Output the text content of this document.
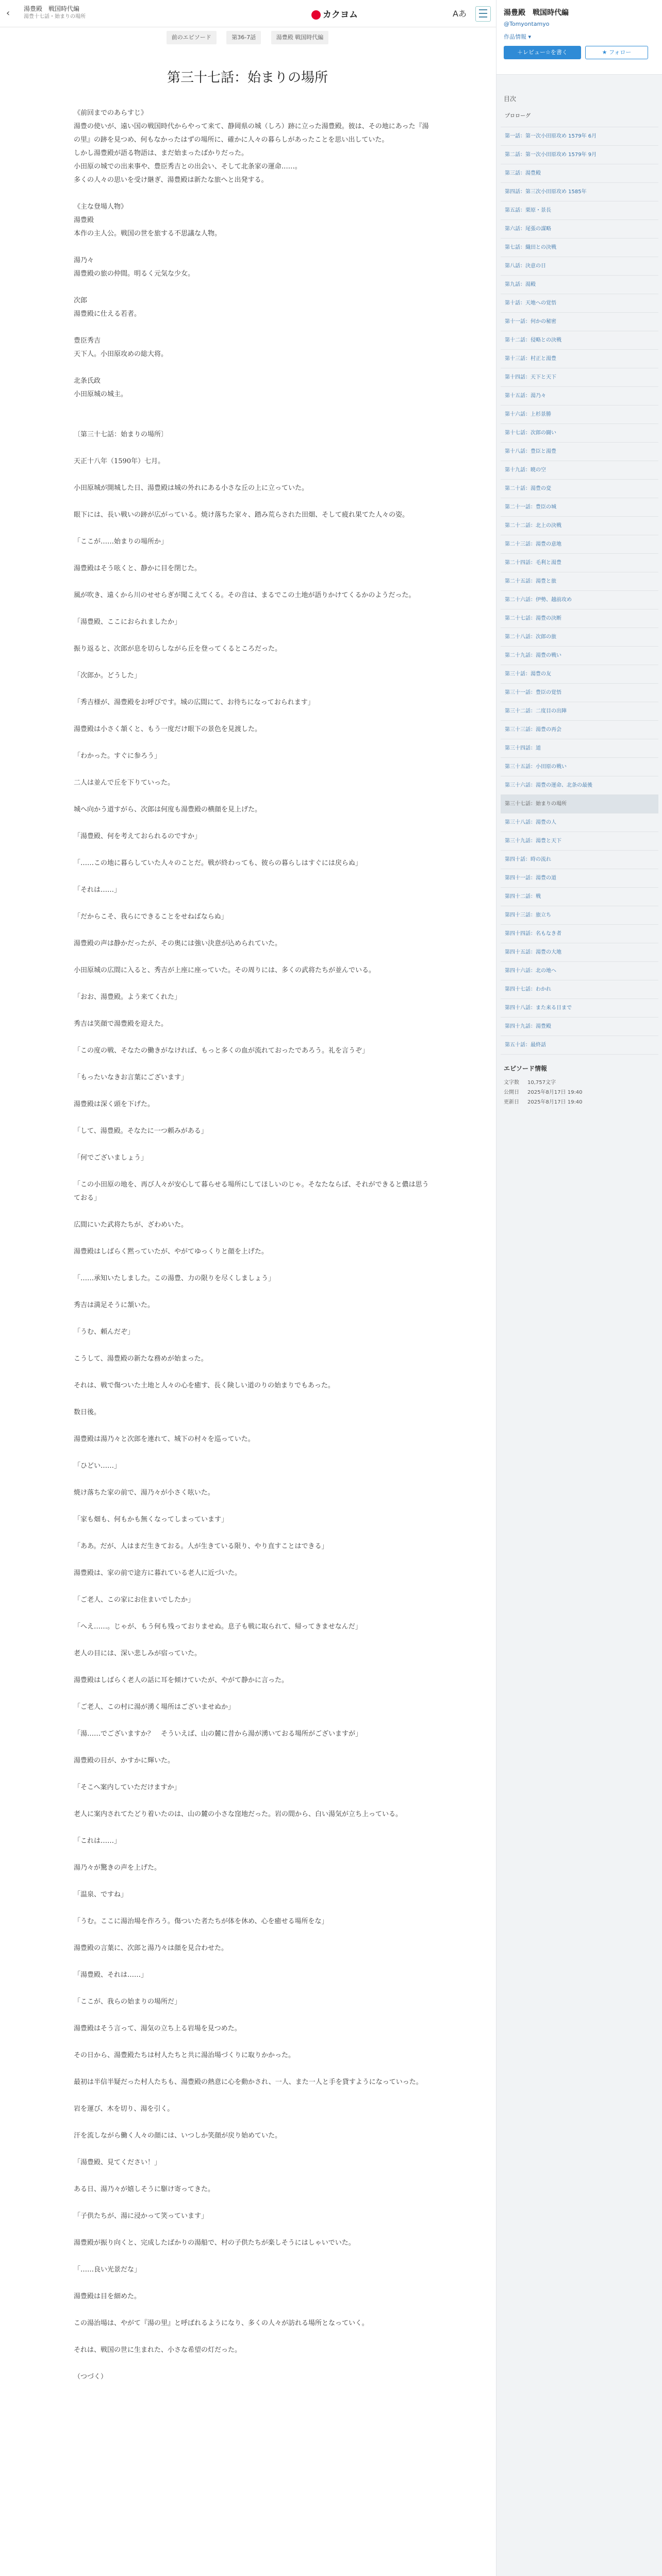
‹	湯豊殿　戦国時代編
湯豊十七話・始まりの場所	カクヨム	Aあ
前のエピソード	第36-7話	湯豊殿 戦国時代編
第三十七話：始まりの場所
《前回までのあらすじ》
湯豊の使いが、遠い国の戦国時代からやって来て、静岡県の城（しろ）跡に立った湯豊殿。彼は、その地にあった『湯の里』の跡を見つめ、何もなかったはずの場所に、確かに人々の暮らしがあったことを思い出していた。
しかし湯豊殿が語る物語は、まだ始まったばかりだった。
小田原の城での出来事や、豊臣秀吉との出会い、そして北条家の運命……。
多くの人々の思いを受け継ぎ、湯豊殿は新たな旅へと出発する。

《主な登場人物》
湯豊殿
本作の主人公。戦国の世を旅する不思議な人物。

湯乃々
湯豊殿の旅の仲間。明るく元気な少女。

次郎
湯豊殿に仕える若者。

豊臣秀吉
天下人。小田原攻めの総大将。

北条氏政
小田原城の城主。

〔第三十七話：始まりの場所〕

天正十八年（1590年）七月。

小田原城が開城した日、湯豊殿は城の外れにある小さな丘の上に立っていた。

眼下には、長い戦いの跡が広がっている。焼け落ちた家々、踏み荒らされた田畑、そして疲れ果てた人々の姿。

「ここが……始まりの場所か」

湯豊殿はそう呟くと、静かに目を閉じた。

風が吹き、遠くから川のせせらぎが聞こえてくる。その音は、まるでこの土地が語りかけてくるかのようだった。

「湯豊殿、ここにおられましたか」

振り返ると、次郎が息を切らしながら丘を登ってくるところだった。

「次郎か。どうした」

「秀吉様が、湯豊殿をお呼びです。城の広間にて、お待ちになっておられます」

湯豊殿は小さく頷くと、もう一度だけ眼下の景色を見渡した。

「わかった。すぐに参ろう」

二人は並んで丘を下りていった。

城へ向かう道すがら、次郎は何度も湯豊殿の横顔を見上げた。

「湯豊殿、何を考えておられるのですか」

「……この地に暮らしていた人々のことだ。戦が終わっても、彼らの暮らしはすぐには戻らぬ」

「それは……」

「だからこそ、我らにできることをせねばならぬ」

湯豊殿の声は静かだったが、その奥には強い決意が込められていた。

小田原城の広間に入ると、秀吉が上座に座っていた。その周りには、多くの武将たちが並んでいる。

「おお、湯豊殿。よう来てくれた」

秀吉は笑顔で湯豊殿を迎えた。

「この度の戦、そなたの働きがなければ、もっと多くの血が流れておったであろう。礼を言うぞ」

「もったいなきお言葉にございます」

湯豊殿は深く頭を下げた。

「して、湯豊殿。そなたに一つ頼みがある」

「何でございましょう」

「この小田原の地を、再び人々が安心して暮らせる場所にしてほしいのじゃ。そなたならば、それができると儂は思うておる」

広間にいた武将たちが、ざわめいた。

湯豊殿はしばらく黙っていたが、やがてゆっくりと顔を上げた。

「……承知いたしました。この湯豊、力の限りを尽くしましょう」

秀吉は満足そうに頷いた。

「うむ、頼んだぞ」

こうして、湯豊殿の新たな務めが始まった。

それは、戦で傷ついた土地と人々の心を癒す、長く険しい道のりの始まりでもあった。

数日後。

湯豊殿は湯乃々と次郎を連れて、城下の村々を巡っていた。

「ひどい……」

焼け落ちた家の前で、湯乃々が小さく呟いた。

「家も畑も、何もかも無くなってしまっています」

「ああ。だが、人はまだ生きておる。人が生きている限り、やり直すことはできる」

湯豊殿は、家の前で途方に暮れている老人に近づいた。

「ご老人、この家にお住まいでしたか」

「へえ……。じゃが、もう何も残っておりませぬ。息子も戦に取られて、帰ってきませなんだ」

老人の目には、深い悲しみが宿っていた。

湯豊殿はしばらく老人の話に耳を傾けていたが、やがて静かに言った。

「ご老人、この村に湯が湧く場所はございませぬか」

「湯……でございますか？　そういえば、山の麓に昔から湯が湧いておる場所がございますが」

湯豊殿の目が、かすかに輝いた。

「そこへ案内していただけますか」

老人に案内されてたどり着いたのは、山の麓の小さな窪地だった。岩の間から、白い湯気が立ち上っている。

「これは……」

湯乃々が驚きの声を上げた。

「温泉、ですね」

「うむ。ここに湯治場を作ろう。傷ついた者たちが体を休め、心を癒せる場所をな」

湯豊殿の言葉に、次郎と湯乃々は顔を見合わせた。

「湯豊殿、それは……」

「ここが、我らの始まりの場所だ」

湯豊殿はそう言って、湯気の立ち上る岩場を見つめた。

その日から、湯豊殿たちは村人たちと共に湯治場づくりに取りかかった。

最初は半信半疑だった村人たちも、湯豊殿の熱意に心を動かされ、一人、また一人と手を貸すようになっていった。

岩を運び、木を切り、湯を引く。

汗を流しながら働く人々の顔には、いつしか笑顔が戻り始めていた。

「湯豊殿、見てください！」

ある日、湯乃々が嬉しそうに駆け寄ってきた。

「子供たちが、湯に浸かって笑っています」

湯豊殿が振り向くと、完成したばかりの湯船で、村の子供たちが楽しそうにはしゃいでいた。

「……良い光景だな」

湯豊殿は目を細めた。

この湯治場は、やがて『湯の里』と呼ばれるようになり、多くの人々が訪れる場所となっていく。

それは、戦国の世に生まれた、小さな希望の灯だった。

（つづく）
湯豊殿　戦国時代編
@Tomyontamyo
作品情報 ▾
＋レビュー☆を書く	★ フォロー
目次
プロローグ
第一話：第一次小田原攻め 1579年 6月
第二話：第一次小田原攻め 1579年 9月
第三話：湯豊殿
第四話：第三次小田原攻め 1585年
第五話：栗原・景長
第六話：尾張の謀略
第七話：織田との決戦
第八話：決意の日
第九話：湯殿
第十話：天地への覚悟
第十一話：何かの秘密
第十二話：侵略との決戦
第十三話：村正と湯豊
第十四話：天下と天下
第十五話：湯乃々
第十六話：上杉景勝
第十七話：次郎の闘い
第十八話：豊臣と湯豊
第十九話：暁の空
第二十話：湯豊の変
第二十一話：豊臣の城
第二十二話：北上の決戦
第二十三話：湯豊の意地
第二十四話：毛利と湯豊
第二十五話：湯豊と旅
第二十六話：伊勢、越前攻め
第二十七話：湯豊の決断
第二十八話：次郎の旅
第二十九話：湯豊の戦い
第三十話：湯豊の友
第三十一話：豊臣の覚悟
第三十二話：二度目の出陣
第三十三話：湯豊の再会
第三十四話：道
第三十五話：小田原の戦い
第三十六話：湯豊の運命、北条の最後
第三十七話：始まりの場所
第三十八話：湯豊の人
第三十九話：湯豊と天下
第四十話：時の流れ
第四十一話：湯豊の道
第四十二話：戦
第四十三話：旅立ち
第四十四話：名もなき者
第四十五話：湯豊の大地
第四十六話：北の地へ
第四十七話：わかれ
第四十八話：また来る日まで
第四十九話：湯豊殿
第五十話：最終話
エピソード情報
文字数	10,757文字
公開日	2025年8月17日 19:40
更新日	2025年8月17日 19:40
